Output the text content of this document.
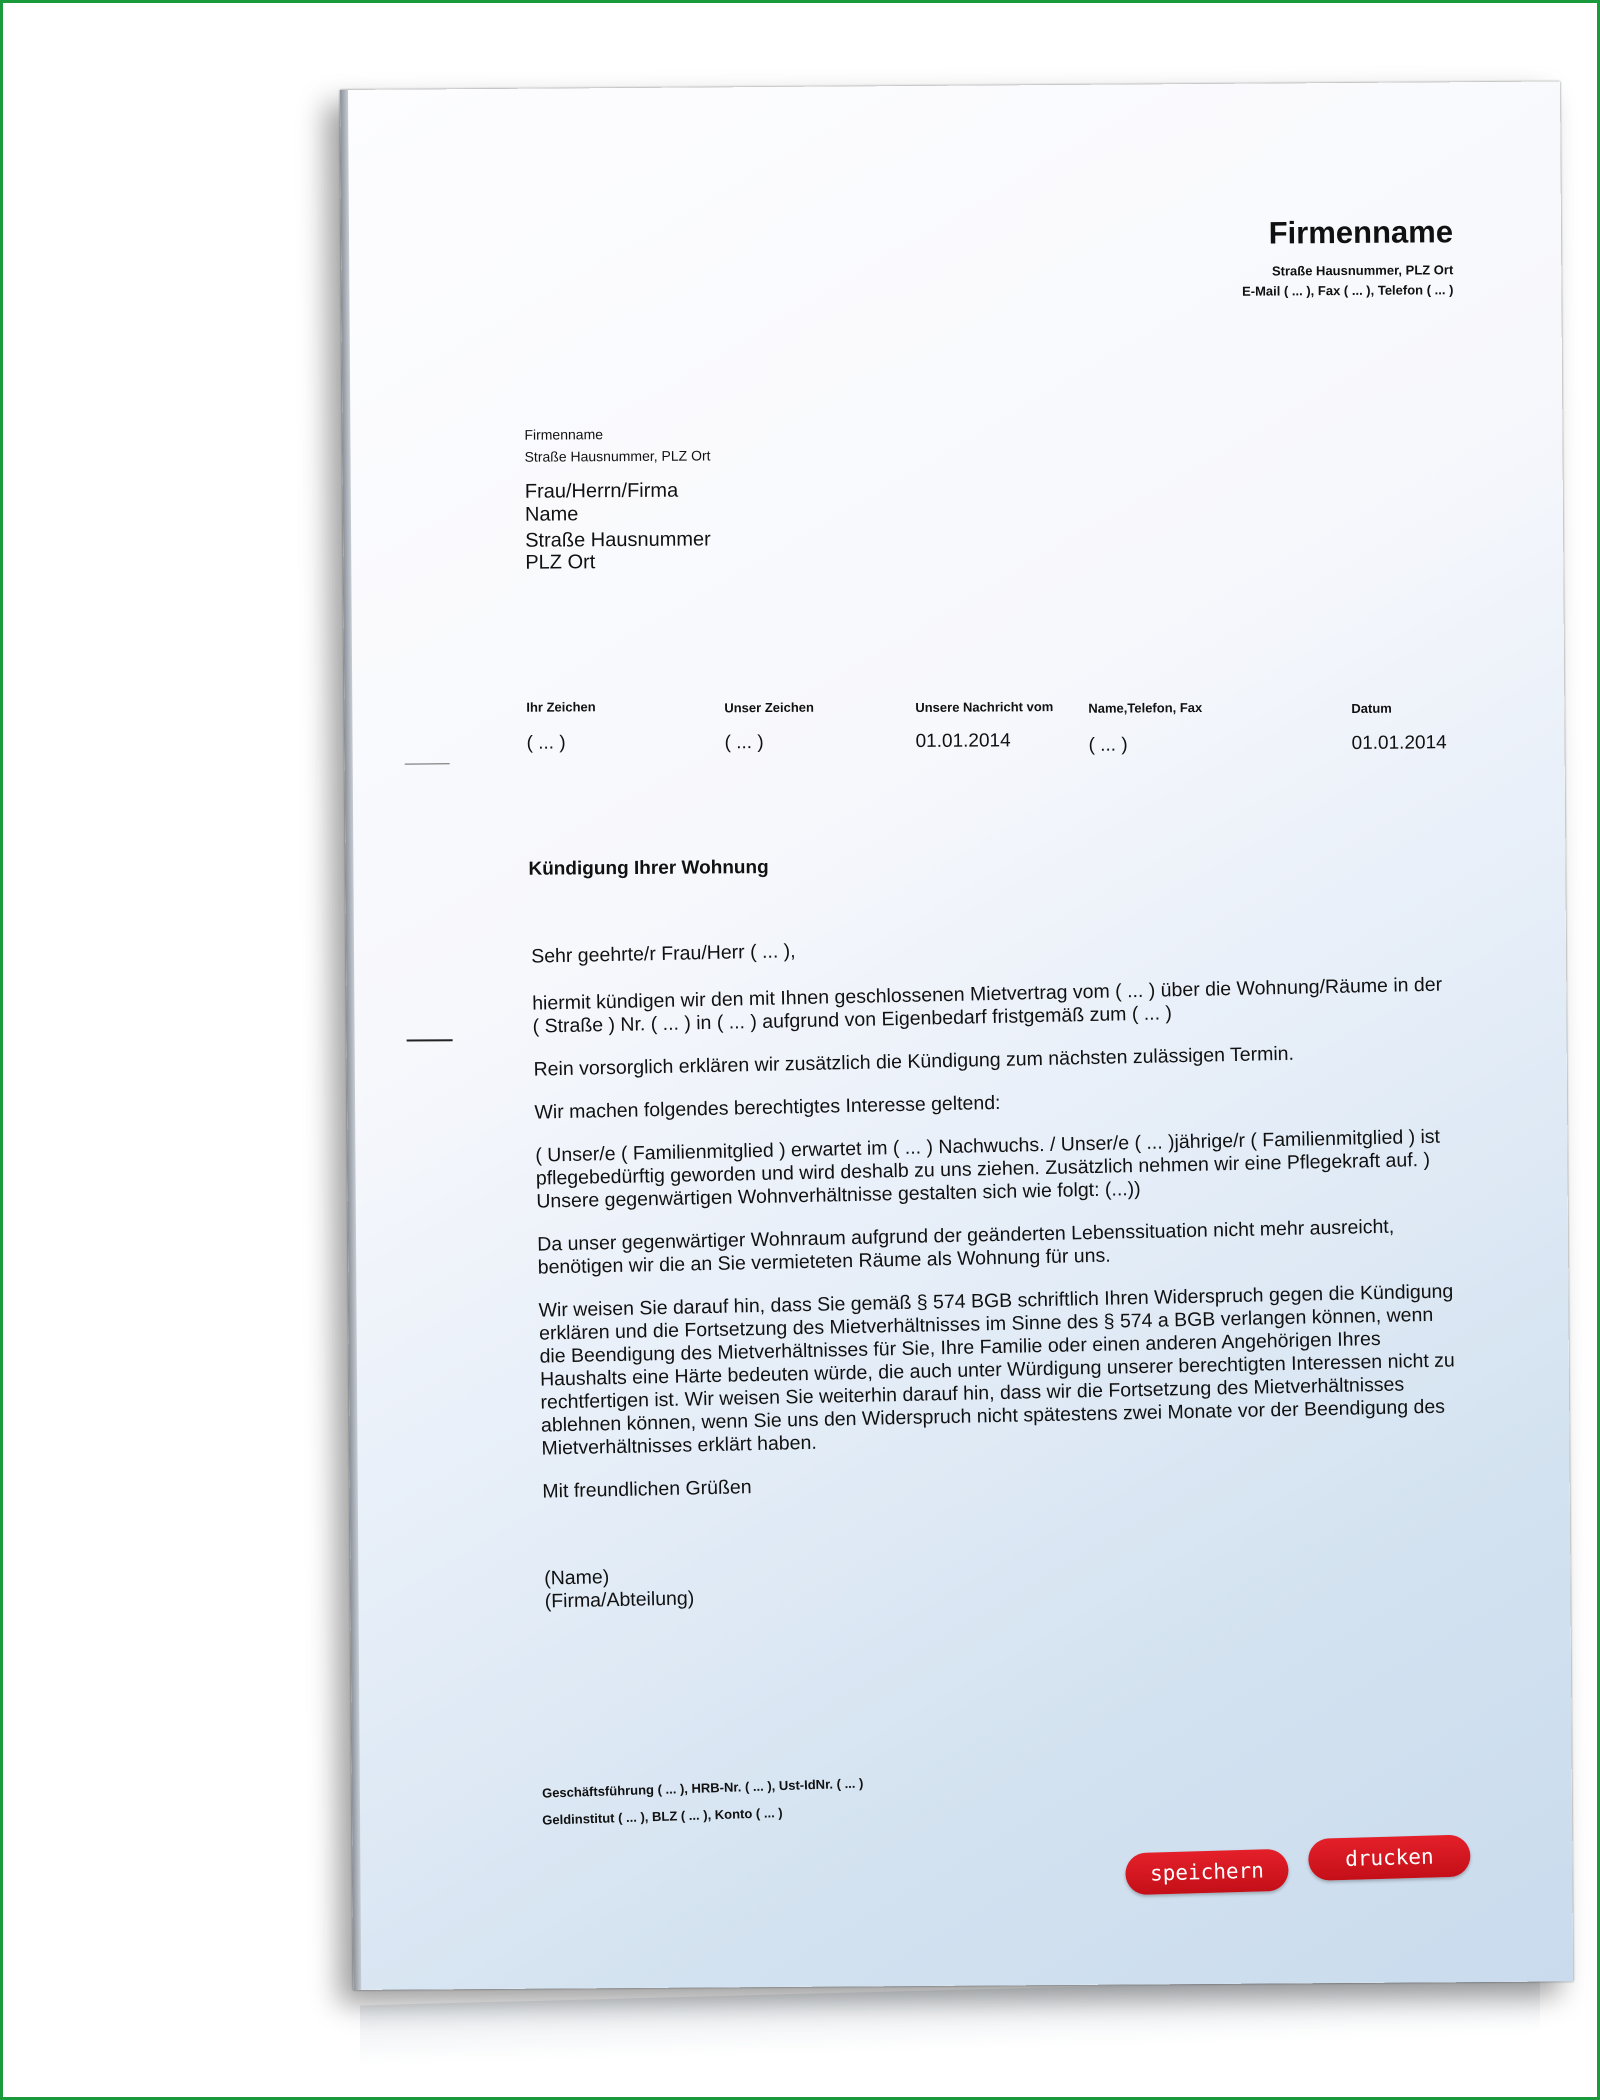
Firmenname
Straße Hausnummer, PLZ Ort
E-Mail ( ... ), Fax ( ... ), Telefon ( ... )
Firmenname
Straße Hausnummer, PLZ Ort
Frau/Herrn/Firma
Name
Straße Hausnummer
PLZ Ort
Ihr Zeichen
( ... )
Unser Zeichen
( ... )
Unsere Nachricht vom
01.01.2014
Name,Telefon, Fax
( ... )
Datum
01.01.2014
Kündigung Ihrer Wohnung
Sehr geehrte/r Frau/Herr ( ... ),
hiermit kündigen wir den mit Ihnen geschlossenen Mietvertrag vom ( ... ) über die Wohnung/Räume in der ( Straße ) Nr. ( ... ) in ( ... ) aufgrund von Eigenbedarf fristgemäß zum ( ... )
Rein vorsorglich erklären wir zusätzlich die Kündigung zum nächsten zulässigen Termin.
Wir machen folgendes berechtigtes Interesse geltend:
( Unser/e ( Familienmitglied ) erwartet im ( ... ) Nachwuchs. / Unser/e ( ... )jährige/r ( Familienmitglied ) ist pflegebedürftig geworden und wird deshalb zu uns ziehen. Zusätzlich nehmen wir eine Pflegekraft auf. ) Unsere gegenwärtigen Wohnverhältnisse gestalten sich wie folgt: (...))
Da unser gegenwärtiger Wohnraum aufgrund der geänderten Lebenssituation nicht mehr ausreicht, benötigen wir die an Sie vermieteten Räume als Wohnung für uns.
Wir weisen Sie darauf hin, dass Sie gemäß § 574 BGB schriftlich Ihren Widerspruch gegen die Kündigung erklären und die Fortsetzung des Mietverhältnisses im Sinne des § 574 a BGB verlangen können, wenn die Beendigung des Mietverhältnisses für Sie, Ihre Familie oder einen anderen Angehörigen Ihres Haushalts eine Härte bedeuten würde, die auch unter Würdigung unserer berechtigten Interessen nicht zu rechtfertigen ist. Wir weisen Sie weiterhin darauf hin, dass wir die Fortsetzung des Mietverhältnisses ablehnen können, wenn Sie uns den Widerspruch nicht spätestens zwei Monate vor der Beendigung des Mietverhältnisses erklärt haben.
Mit freundlichen Grüßen
(Name)
(Firma/Abteilung)
Geschäftsführung ( ... ), HRB-Nr. ( ... ), Ust-IdNr. ( ... )
Geldinstitut ( ... ), BLZ ( ... ), Konto ( ... )
speichern
drucken
